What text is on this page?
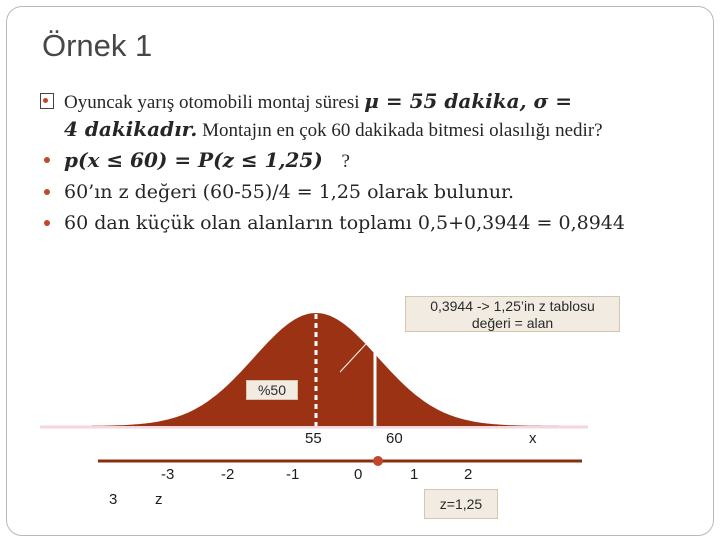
Örnek 1
Oyuncak yarış otomobili montaj süresi μ = 55 dakika, σ =
4 dakikadır. Montajın en çok 60 dakikada bitmesi olasılığı nedir?
p(x ≤ 60) = P(z ≤ 1,25) ?
60’ın z değeri (60-55)/4 = 1,25 olarak bulunur.
60 dan küçük olan alanların toplamı 0,5+0,3944 = 0,8944
0,3944 -> 1,25’in z tablosu
değeri = alan
%50
55	60	x
-3	-2	-1	0	1	2
3	z	z=1,25
